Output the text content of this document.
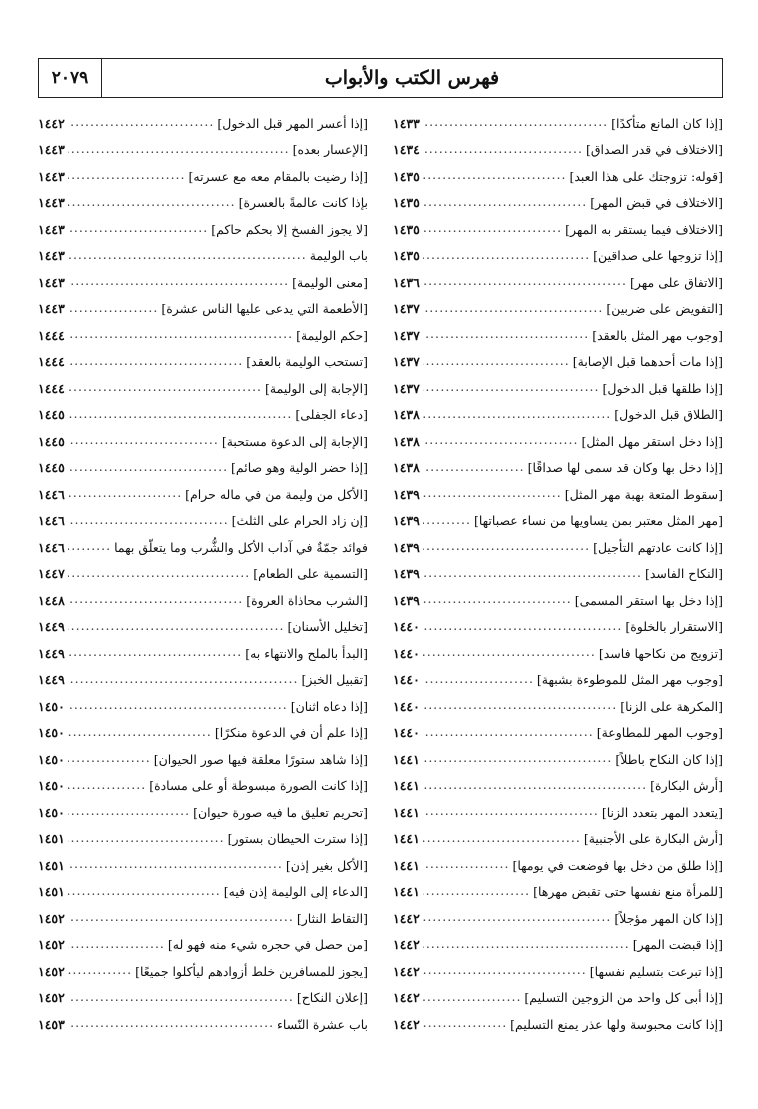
٢٠٧٩	فهرس الكتب والأبواب
[إذا كان المانع متأكدًا]
.....
١٤٣٣
[الاختلاف في قدر الصداق]
.....
١٤٣٤
[قوله: تزوجتك على هذا العبد]
.....
١٤٣٥
[الاختلاف في قبض المهر]
.....
١٤٣٥
[الاختلاف فيما يستقر به المهر]
.....
١٤٣٥
[إذا تزوجها على صداقين]
.....
١٤٣٥
[الاتفاق على مهر]
.....
١٤٣٦
[التفويض على ضربين]
.....
١٤٣٧
[وجوب مهر المثل بالعقد]
.....
١٤٣٧
[إذا مات أحدهما قبل الإصابة]
.....
١٤٣٧
[إذا طلقها قبل الدخول]
.....
١٤٣٧
[الطلاق قبل الدخول]
.....
١٤٣٨
[إذا دخل استقر مهل المثل]
.....
١٤٣٨
[إذا دخل بها وكان قد سمى لها صداقًا]
.....
١٤٣٨
[سقوط المتعة بهبة مهر المثل]
.....
١٤٣٩
[مهر المثل معتبر بمن يساويها من نساء عصباتها]
.....
١٤٣٩
[إذا كانت عادتهم التأجيل]
.....
١٤٣٩
[النكاح الفاسد]
.....
١٤٣٩
[إذا دخل بها استقر المسمى]
.....
١٤٣٩
[الاستقرار بالخلوة]
.....
١٤٤٠
[تزويج من نكاحها فاسد]
.....
١٤٤٠
[وجوب مهر المثل للموطوءة بشبهة]
.....
١٤٤٠
[المكرهة على الزنا]
.....
١٤٤٠
[وجوب المهر للمطاوعة]
.....
١٤٤٠
[إذا كان النكاح باطلاً]
.....
١٤٤١
[أرش البكارة]
.....
١٤٤١
[يتعدد المهر بتعدد الزنا]
.....
١٤٤١
[أرش البكارة على الأجنبية]
.....
١٤٤١
[إذا طلق من دخل بها فوضعت في يومها]
.....
١٤٤١
[للمرأة منع نفسها حتى تقبض مهرها]
.....
١٤٤١
[إذا كان المهر مؤجلاً]
.....
١٤٤٢
[إذا قبضت المهر]
.....
١٤٤٢
[إذا تبرعت بتسليم نفسها]
.....
١٤٤٢
[إذا أبى كل واحد من الزوجين التسليم]
.....
١٤٤٢
[إذا كانت محبوسة ولها عذر يمنع التسليم]
.....
١٤٤٢
[إذا أعسر المهر قبل الدخول]
.....
١٤٤٢
[الإعسار بعده]
.....
١٤٤٣
[إذا رضيت بالمقام معه مع عسرته]
.....
١٤٤٣
بإذا كانت عالمةً بالعسرة]
.....
١٤٤٣
[لا يجوز الفسخ إلا بحكم حاكم]
.....
١٤٤٣
باب الوليمة
.....
١٤٤٣
[معنى الوليمة]
.....
١٤٤٣
[الأطعمة التي يدعى عليها الناس عشرة]
.....
١٤٤٣
[حكم الوليمة]
.....
١٤٤٤
[تستحب الوليمة بالعقد]
.....
١٤٤٤
[الإجابة إلى الوليمة]
.....
١٤٤٤
[دعاء الجفلى]
.....
١٤٤٥
[الإجابة إلى الدعوة مستحبة]
.....
١٤٤٥
[إذا حضر الولية وهو صائم]
.....
١٤٤٥
[الأكل من وليمة من في ماله حرام]
.....
١٤٤٦
[إن زاد الحرام على الثلث]
.....
١٤٤٦
فوائد جمّةٌ في آداب الأكل والشُّرب وما يتعلّق بهما
.....
١٤٤٦
[التسمية على الطعام]
.....
١٤٤٧
[الشرب محاذاة العروة]
.....
١٤٤٨
[تخليل الأسنان]
.....
١٤٤٩
[البدأ بالملح والانتهاء به]
.....
١٤٤٩
[تقبيل الخبز]
.....
١٤٤٩
[إذا دعاه اثنان]
.....
١٤٥٠
[إذا علم أن في الدعوة منكرًا]
.....
١٤٥٠
[إذا شاهد ستورًا معلقة فيها صور الحيوان]
.....
١٤٥٠
[إذا كانت الصورة مبسوطة أو على مسادة]
.....
١٤٥٠
[تحريم تعليق ما فيه صورة حيوان]
.....
١٤٥٠
[إذا سترت الحيطان بستور]
.....
١٤٥١
[الأكل بغير إذن]
.....
١٤٥١
[الدعاء إلى الوليمة إذن فيه]
.....
١٤٥١
[التقاط النثار]
.....
١٤٥٢
[من حصل في حجره شيء منه فهو له]
.....
١٤٥٢
[يجوز للمسافرين خلط أزوادهم ليأكلوا جميعًا]
.....
١٤٥٢
[إعلان النكاح]
.....
١٤٥٢
باب عشرة النّساء
.....
١٤٥٣
